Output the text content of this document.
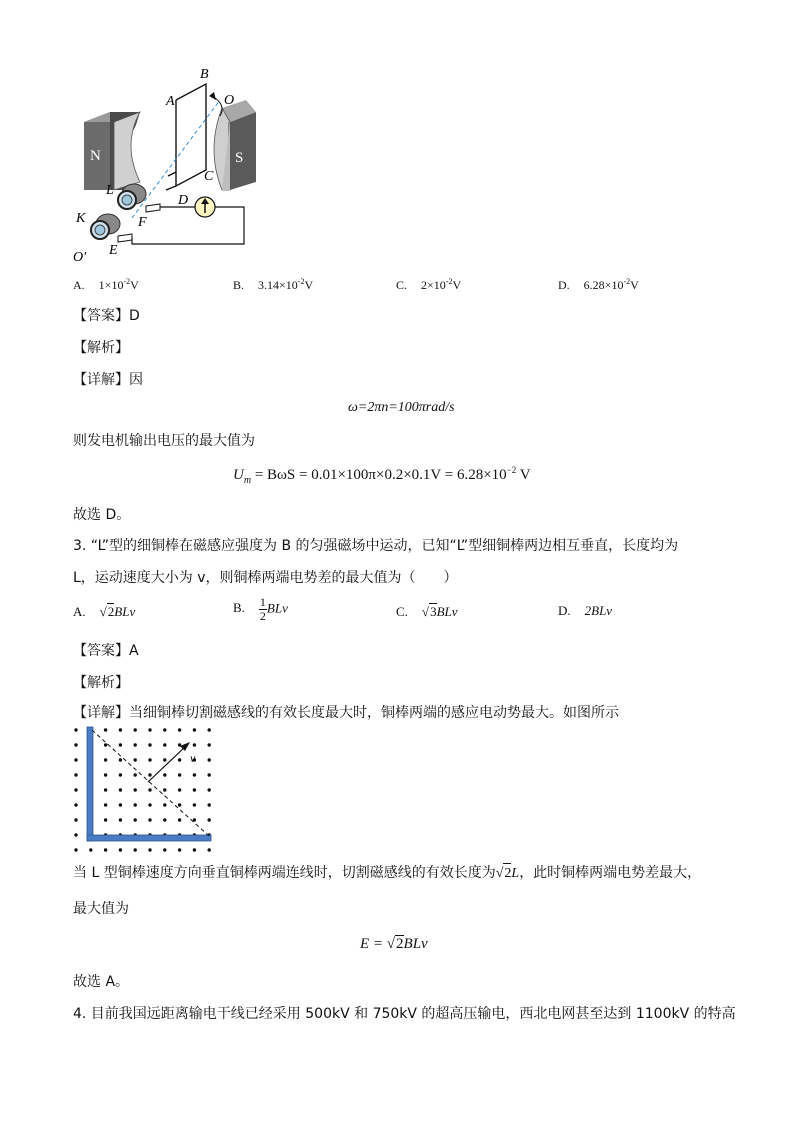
N	S
B
A	O
C
D
L
F
K
E
O′
A. $1\times 10^{-2}V$	B. $3.14\times 10^{-2}V$	C. $2\times 10^{-2}V$	D. $6.28\times 10^{-2}V$
【答案】D
【解析】
【详解】因
ω=2πn=100πrad/s
则发电机输出电压的最大值为
$U_m = B\omega S = 0.01\times 100\pi\times 0.2\times 0.1V = 6.28\times 10^{-2}$ V
故选 D。
3. “L”型的细铜棒在磁感应强度为 B 的匀强磁场中运动，已知“L”型细铜棒两边相互垂直，长度均为
L，运动速度大小为 v，则铜棒两端电势差的最大值为（　　）
A. √2BLv	B. $\frac{1}{2}$ BLv	C. √3BLv	D. 2BLv
【答案】A
【解析】
【详解】当细铜棒切割磁感线的有效长度最大时，铜棒两端的感应电动势最大。如图所示
v
当 L 型铜棒速度方向垂直铜棒两端连线时，切割磁感线的有效长度为√2L，此时铜棒两端电势差最大，
最大值为
E = √2BLv
故选 A。
4. 目前我国远距离输电干线已经采用 500kV 和 750kV 的超高压输电，西北电网甚至达到 1100kV 的特高
